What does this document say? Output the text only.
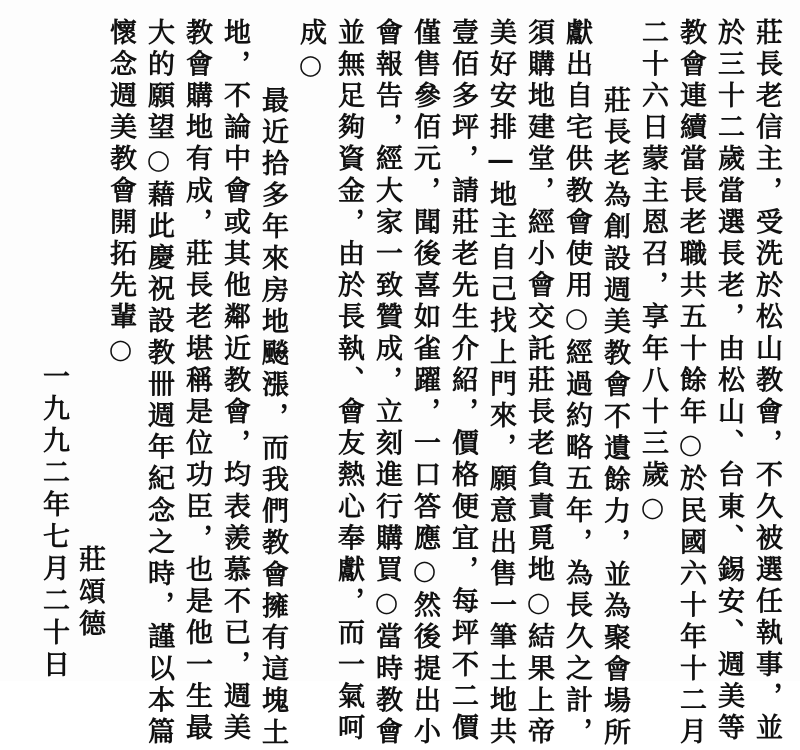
莊長老信主，受洗於松山教會，不久被選任執事，並
於三十二歲當選長老，由松山、台東、錫安、週美等
教會連續當長老職共五十餘年○於民國六十年十二月
二十六日蒙主恩召，享年八十三歲○
莊長老為創設週美教會不遺餘力，並為聚會場所
獻出自宅供教會使用○經過約略五年，為長久之計，
須購地建堂，經小會交託莊長老負責覓地○結果上帝
美好安排—地主自己找上門來，願意出售一筆土地共
壹佰多坪，請莊老先生介紹，價格便宜，每坪不二價
僅售參佰元，聞後喜如雀躍，一口答應○然後提出小
會報告，經大家一致贊成，立刻進行購買○當時教會
並無足夠資金，由於長執、會友熱心奉獻，而一氣呵
成○
最近拾多年來房地飈漲，而我們教會擁有這塊土
地，不論中會或其他鄰近教會，均表羨慕不已，週美
教會購地有成，莊長老堪稱是位功臣，也是他一生最
大的願望○藉此慶祝設教卌週年紀念之時，謹以本篇
懷念週美教會開拓先輩○
莊頌德
一九九二年七月二十日
